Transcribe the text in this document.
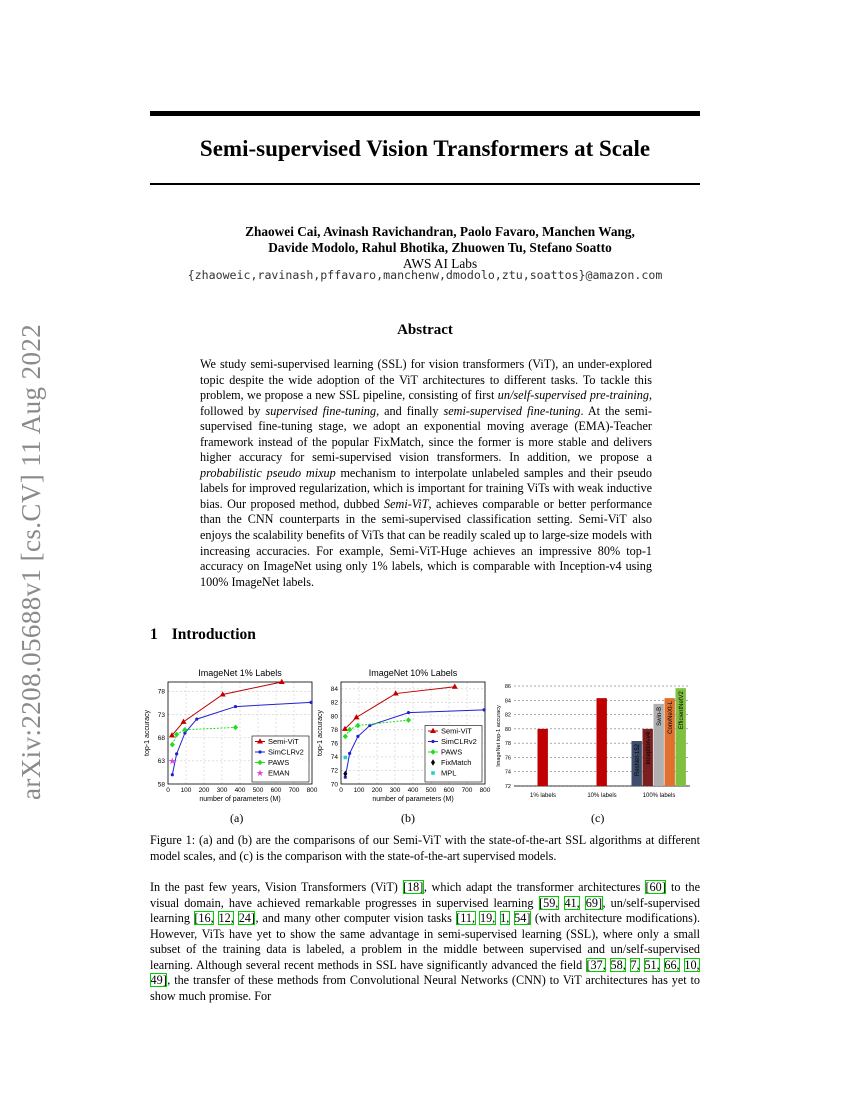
arXiv:2208.05688v1 [cs.CV] 11 Aug 2022
Semi-supervised Vision Transformers at Scale
Zhaowei Cai, Avinash Ravichandran, Paolo Favaro, Manchen Wang,
Davide Modolo, Rahul Bhotika, Zhuowen Tu, Stefano Soatto
AWS AI Labs
{zhaoweic,ravinash,pffavaro,manchenw,dmodolo,ztu,soattos}@amazon.com
Abstract
We study semi-supervised learning (SSL) for vision transformers (ViT), an under-explored topic despite the wide adoption of the ViT architectures to different tasks. To tackle this problem, we propose a new SSL pipeline, consisting of first un/self-supervised pre-training, followed by supervised fine-tuning, and finally semi-supervised fine-tuning. At the semi-supervised fine-tuning stage, we adopt an exponential moving average (EMA)-Teacher framework instead of the popular FixMatch, since the former is more stable and delivers higher accuracy for semi-supervised vision transformers. In addition, we propose a probabilistic pseudo mixup mechanism to interpolate unlabeled samples and their pseudo labels for improved regularization, which is important for training ViTs with weak inductive bias. Our proposed method, dubbed Semi-ViT, achieves comparable or better performance than the CNN counterparts in the semi-supervised classification setting. Semi-ViT also enjoys the scalability benefits of ViTs that can be readily scaled up to large-size models with increasing accuracies. For example, Semi-ViT-Huge achieves an impressive 80% top-1 accuracy on ImageNet using only 1% labels, which is comparable with Inception-v4 using 100% ImageNet labels.
1 Introduction
ImageNet 1% Labels
0 100 200 300 400 500 600 700 800
58
63
68
73
78
number of parameters (M)
top-1 accuracy
★
Semi-ViT
SimCLRv2
PAWS
★ EMAN
ImageNet 10% Labels
0 100 200 300 400 500 600 700 800
70
72
74
76
78
80
82
84
number of parameters (M)
top-1 accuracy	Semi-ViT
SimCLRv2
PAWS
FixMatch
MPL
72
74
76
78
80
82
84
86
ImageNet top-1 accuracy
1% labels	10% labels	100% labels
ResNet-152 Inception-v4
Swin-B ConvNeXt-L EfficientNetV2
(a)	(b)	(c)
Figure 1: (a) and (b) are the comparisons of our Semi-ViT with the state-of-the-art SSL algorithms at different model scales, and (c) is the comparison with the state-of-the-art supervised models.
In the past few years, Vision Transformers (ViT) [18], which adapt the transformer architectures [60] to the visual domain, have achieved remarkable progresses in supervised learning [59, 41, 69], un/self-supervised learning [16, 12, 24], and many other computer vision tasks [11, 19, 1, 54] (with architecture modifications). However, ViTs have yet to show the same advantage in semi-supervised learning (SSL), where only a small subset of the training data is labeled, a problem in the middle between supervised and un/self-supervised learning. Although several recent methods in SSL have significantly advanced the field [37, 58, 7, 51, 66, 10, 49], the transfer of these methods from Convolutional Neural Networks (CNN) to ViT architectures has yet to show much promise. For
